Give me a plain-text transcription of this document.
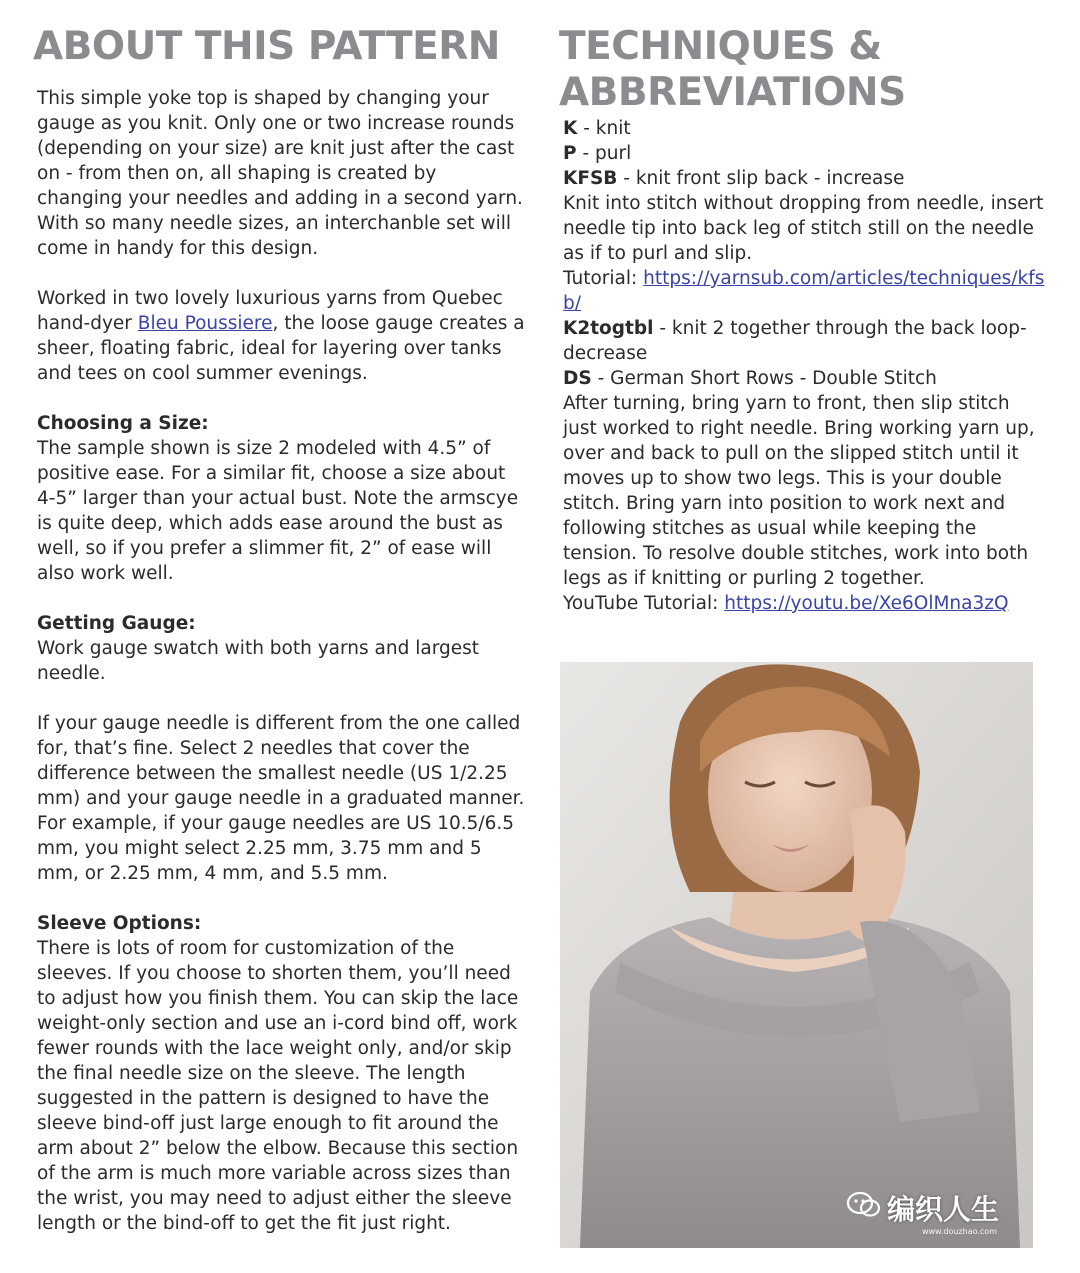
ABOUT THIS PATTERN

This simple yoke top is shaped by changing your gauge as you knit. Only one or two increase rounds (depending on your size) are knit just after the cast on - from then on, all shaping is created by changing your needles and adding in a second yarn. With so many needle sizes, an interchanble set will come in handy for this design.

Worked in two lovely luxurious yarns from Quebec hand-dyer Bleu Poussiere, the loose gauge creates a sheer, floating fabric, ideal for layering over tanks and tees on cool summer evenings.

Choosing a Size:
The sample shown is size 2 modeled with 4.5” of positive ease. For a similar fit, choose a size about 4-5” larger than your actual bust. Note the armscye is quite deep, which adds ease around the bust as well, so if you prefer a slimmer fit, 2” of ease will also work well.

Getting Gauge:
Work gauge swatch with both yarns and largest needle.

If your gauge needle is different from the one called for, that’s fine. Select 2 needles that cover the difference between the smallest needle (US 1/2.25 mm) and your gauge needle in a graduated manner. For example, if your gauge needles are US 10.5/6.5 mm, you might select 2.25 mm, 3.75 mm and 5 mm, or 2.25 mm, 4 mm, and 5.5 mm.

Sleeve Options:
There is lots of room for customization of the sleeves. If you choose to shorten them, you’ll need to adjust how you finish them. You can skip the lace weight-only section and use an i-cord bind off, work fewer rounds with the lace weight only, and/or skip the final needle size on the sleeve. The length suggested in the pattern is designed to have the sleeve bind-off just large enough to fit around the arm about 2” below the elbow. Because this section of the arm is much more variable across sizes than the wrist, you may need to adjust either the sleeve length or the bind-off to get the fit just right.

TECHNIQUES &
ABBREVIATIONS

K - knit

P - purl

KFSB - knit front slip back - increase

Knit into stitch without dropping from needle, insert needle tip into back leg of stitch still on the needle as if to purl and slip.

Tutorial: https://yarnsub.com/articles/techniques/kfsb/

K2togtbl - knit 2 together through the back loop-decrease

DS - German Short Rows - Double Stitch

After turning, bring yarn to front, then slip stitch just worked to right needle. Bring working yarn up, over and back to pull on the slipped stitch until it moves up to show two legs. This is your double stitch. Bring yarn into position to work next and following stitches as usual while keeping the tension. To resolve double stitches, work into both legs as if knitting or purling 2 together.

YouTube Tutorial: https://youtu.be/Xe6OlMna3zQ

编织人生
www.douzhao.com
